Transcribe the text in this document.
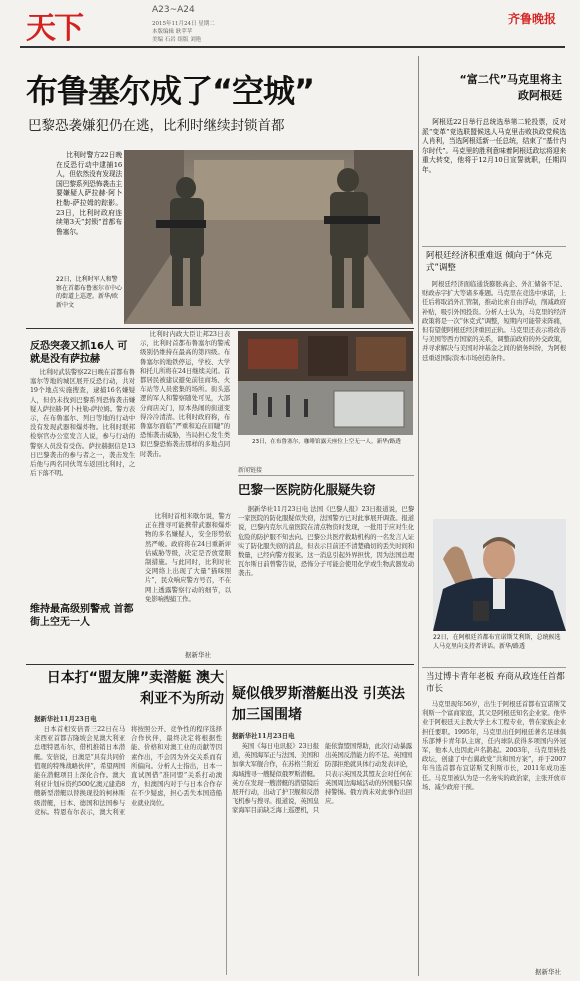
天下
A23~A24
2015年11月24日 星期二
本版编辑 耿苹苹
美编 石岩 组版 刘艳
齐鲁晚报
布鲁塞尔成了“空城”
巴黎恐袭嫌犯仍在逃，比利时继续封锁首都

比利时警方22日晚在反恐行动中逮捕16人，但依然没有发现法国巴黎系列恐怖袭击主要嫌疑人萨拉赫·阿卜杜勒-萨拉姆的踪影。23日，比利时政府连续第3天“封锁”首都布鲁塞尔。

22日，比利时军人和警察在首都布鲁塞尔市中心的街道上巡逻。新华/欧新中文
反恐突袭又抓16人 可就是没有萨拉赫

比利时武装警察22日晚在首都布鲁塞尔等地的城区展开反恐行动，共对19个地点实施搜查，逮捕16名嫌疑人，但仍未找到巴黎系列恐怖袭击嫌疑人萨拉赫·阿卜杜勒-萨拉姆。警方表示，在布鲁塞尔、列日等地的行动中没有发现武器和爆炸物。比利时联邦检察官办公室发言人说，参与行动的警察人员没有受伤。萨拉赫据信是13日巴黎袭击的参与者之一，袭击发生后他与两名同伙驾车返回比利时，之后下落不明。

维持最高级别警戒 首都街上空无一人

比利时内政大臣让邦23日表示，比利时首都布鲁塞尔的警戒级别仍维持在最高的第四级。布鲁塞尔的地铁停运，学校、大学和托儿所将在24日继续关闭。首都居民被建议避免前往商场、火车站等人员密集的场所。街头巡逻的军人和警察随处可见，大部分商店关门，原本热闹的街道变得冷冷清清。比利时政府称，布鲁塞尔面临“严重和迫在眉睫”的恐怖袭击威胁，当局担心发生类似巴黎恐怖袭击那样的多地点同时袭击。

比利时首相米歇尔说，警方正在搜寻可能携带武器和爆炸物的多名嫌疑人，安全形势依然严峻。政府将在24日重新评估威胁等级，决定是否放宽限制措施。与此同时，比利时社交网络上出现了大量“猫咪照片”，民众响应警方号召，不在网上透露警察行动的细节，以免影响搜捕工作。

据新华社
23日，在布鲁塞尔，咖啡馆露天座位上空无一人。新华/路透
新闻链接
巴黎一医院防化服疑失窃

据新华社11月23日电 法国《巴黎人报》23日报道说，巴黎一家医院的防化服疑似失窃，法国警方已对此事展开调查。报道说，巴黎内克尔儿童医院在清点物资时发现，一批用于应对生化危险的防护服不知去向。巴黎公共医疗救助机构的一名发言人证实了防化服失窃的消息，但表示目前还不清楚确切的丢失时间和数量，已经向警方报案。这一消息引起外界担忧，因为法国总理瓦尔斯日前曾警告说，恐怖分子可能会使用化学或生物武器发动袭击。

日本打“盟友牌”卖潜艇 澳大利亚不为所动
据新华社11月23日电

日本首相安倍晋三22日在马来西亚首都吉隆坡会见澳大利亚总理特恩布尔，借机推销日本潜艇。安倍说，日澳是“具有共同价值观的特殊战略伙伴”，希望两国能在潜艇项目上深化合作。澳大利亚计划斥资约500亿澳元建造8艘新型潜艇以替换现役的柯林斯级潜艇，日本、德国和法国参与竞标。特恩布尔表示，澳大利亚将按照公开、竞争性的程序选择合作伙伴，最终决定将根据性能、价格和对澳工业的贡献等因素作出，不会因为外交关系而有所偏向。分析人士指出，日本一直试图借“准同盟”关系打动澳方，但澳国内对于与日本合作存在不少疑虑，担心丢失本国造船业就业岗位。

疑似俄罗斯潜艇出没 引英法加三国围堵
据新华社11月23日电

英国《每日电讯报》23日报道，英国海军正与法国、美国和加拿大军舰合作，在苏格兰附近海域搜寻一艘疑似俄罗斯潜艇。英方在发现一艘潜艇的潜望镜后展开行动，出动了护卫舰和反潜飞机参与搜寻。报道说，英国皇家海军目前缺乏海上巡逻机，只能依靠盟国帮助，此次行动暴露出英国反潜能力的不足。英国国防部拒绝就具体行动发表评论，只表示英国及其盟友会对任何在英国周边海域活动的外国船只保持警惕。俄方尚未对此事作出回应。

“富二代”马克里将主政阿根廷

阿根廷22日举行总统选举第二轮投票，反对派“变革”竞选联盟候选人马克里击败执政党候选人肖利，当选阿根廷新一任总统，结束了“基什内尔时代”。马克里的胜利意味着阿根廷政坛将迎来重大转变，他将于12月10日宣誓就职，任期四年。

阿根廷经济积重难返 倾向于“休克式”调整

阿根廷经济面临通货膨胀高企、外汇储备不足、财政赤字扩大等诸多难题。马克里在竞选中承诺，上任后将取消外汇管制，推动比索自由浮动，削减政府补贴，吸引外国投资。分析人士认为，马克里的经济政策将是一次“休克式”调整，短期内可能带来阵痛，但有望使阿根廷经济重回正轨。马克里还表示将改善与美国等西方国家的关系，调整前政府的外交政策，并寻求解决与美国对冲基金之间的债务纠纷，为阿根廷重返国际资本市场创造条件。

22日，在阿根廷首都布宜诺斯艾利斯，总统候选人马克里向支持者讲话。新华/路透
当过博卡青年老板 弃商从政连任首都市长

马克里现年56岁，出生于阿根廷首都布宜诺斯艾利斯一个富商家庭，其父是阿根廷知名企业家。他毕业于阿根廷天主教大学土木工程专业，曾在家族企业担任要职。1995年，马克里出任阿根廷著名足球俱乐部博卡青年队主席，任内球队获得多项国内外冠军，他本人也因此声名鹊起。2003年，马克里转投政坛，创建了中右翼政党“共和国方案”，并于2007年当选首都布宜诺斯艾利斯市长，2011年成功连任。马克里被认为是一名务实的政治家，主张开放市场、减少政府干预。

据新华社
